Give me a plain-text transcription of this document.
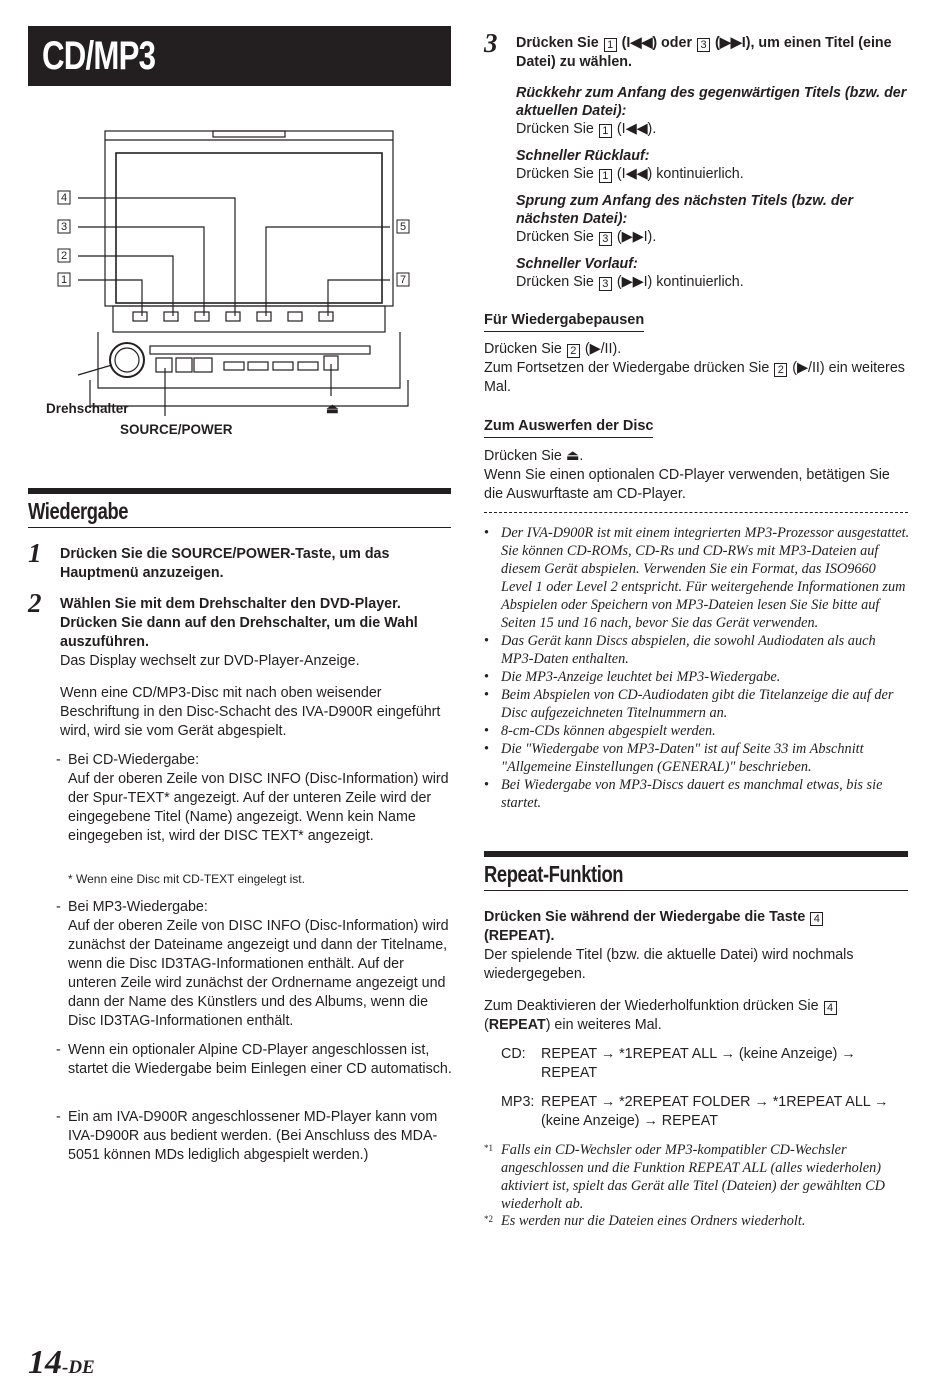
CD/MP3
4
3
2
1
5
7
Drehschalter
SOURCE/POWER
⏏
Wiedergabe
1 Drücken Sie die SOURCE/POWER-Taste, um das Hauptmenü anzuzeigen.
2 Wählen Sie mit dem Drehschalter den DVD-Player. Drücken Sie dann auf den Drehschalter, um die Wahl auszuführen.
Das Display wechselt zur DVD-Player-Anzeige.
Wenn eine CD/MP3-Disc mit nach oben weisender Beschriftung in den Disc-Schacht des IVA-D900R eingeführt wird, wird sie vom Gerät abgespielt.
- Bei CD-Wiedergabe:
Auf der oberen Zeile von DISC INFO (Disc-Information) wird der Spur-TEXT* angezeigt. Auf der unteren Zeile wird der eingegebene Titel (Name) angezeigt. Wenn kein Name eingegeben ist, wird der DISC TEXT* angezeigt.
* Wenn eine Disc mit CD-TEXT eingelegt ist.
- Bei MP3-Wiedergabe:
Auf der oberen Zeile von DISC INFO (Disc-Information) wird zunächst der Dateiname angezeigt und dann der Titelname, wenn die Disc ID3TAG-Informationen enthält. Auf der unteren Zeile wird zunächst der Ordnername angezeigt und dann der Name des Künstlers und des Albums, wenn die Disc ID3TAG-Informationen enthält.
- Wenn ein optionaler Alpine CD-Player angeschlossen ist, startet die Wiedergabe beim Einlegen einer CD automatisch.
- Ein am IVA-D900R angeschlossener MD-Player kann vom IVA-D900R aus bedient werden. (Bei Anschluss des MDA-5051 können MDs lediglich abgespielt werden.)
3 Drücken Sie 1 (I◀◀) oder 3 (▶▶I), um einen Titel (eine Datei) zu wählen.
Rückkehr zum Anfang des gegenwärtigen Titels (bzw. der aktuellen Datei):
Drücken Sie 1 (I◀◀).
Schneller Rücklauf:
Drücken Sie 1 (I◀◀) kontinuierlich.
Sprung zum Anfang des nächsten Titels (bzw. der nächsten Datei):
Drücken Sie 3 (▶▶I).
Schneller Vorlauf:
Drücken Sie 3 (▶▶I) kontinuierlich.
Für Wiedergabepausen
Drücken Sie 2 (▶/II).
Zum Fortsetzen der Wiedergabe drücken Sie 2 (▶/II) ein weiteres Mal.
Zum Auswerfen der Disc
Drücken Sie ⏏.
Wenn Sie einen optionalen CD-Player verwenden, betätigen Sie die Auswurftaste am CD-Player.
• Der IVA-D900R ist mit einem integrierten MP3-Prozessor ausgestattet. Sie können CD-ROMs, CD-Rs und CD-RWs mit MP3-Dateien auf diesem Gerät abspielen. Verwenden Sie ein Format, das ISO9660 Level 1 oder Level 2 entspricht. Für weitergehende Informationen zum Abspielen oder Speichern von MP3-Dateien lesen Sie Sie bitte auf Seiten 15 und 16 nach, bevor Sie das Gerät verwenden.
• Das Gerät kann Discs abspielen, die sowohl Audiodaten als auch MP3-Daten enthalten.
• Die MP3-Anzeige leuchtet bei MP3-Wiedergabe.
• Beim Abspielen von CD-Audiodaten gibt die Titelanzeige die auf der Disc aufgezeichneten Titelnummern an.
• 8-cm-CDs können abgespielt werden.
• Die "Wiedergabe von MP3-Daten" ist auf Seite 33 im Abschnitt "Allgemeine Einstellungen (GENERAL)" beschrieben.
• Bei Wiedergabe von MP3-Discs dauert es manchmal etwas, bis sie startet.
Repeat-Funktion
Drücken Sie während der Wiedergabe die Taste 4
(REPEAT).
Der spielende Titel (bzw. die aktuelle Datei) wird nochmals wiedergegeben.
Zum Deaktivieren der Wiederholfunktion drücken Sie 4
(REPEAT) ein weiteres Mal.
CD: REPEAT → *1REPEAT ALL → (keine Anzeige) → REPEAT
MP3: REPEAT → *2REPEAT FOLDER → *1REPEAT ALL → (keine Anzeige) → REPEAT
*1 Falls ein CD-Wechsler oder MP3-kompatibler CD-Wechsler angeschlossen und die Funktion REPEAT ALL (alles wiederholen) aktiviert ist, spielt das Gerät alle Titel (Dateien) der gewählten CD wiederholt ab.
*2 Es werden nur die Dateien eines Ordners wiederholt.
14-DE
